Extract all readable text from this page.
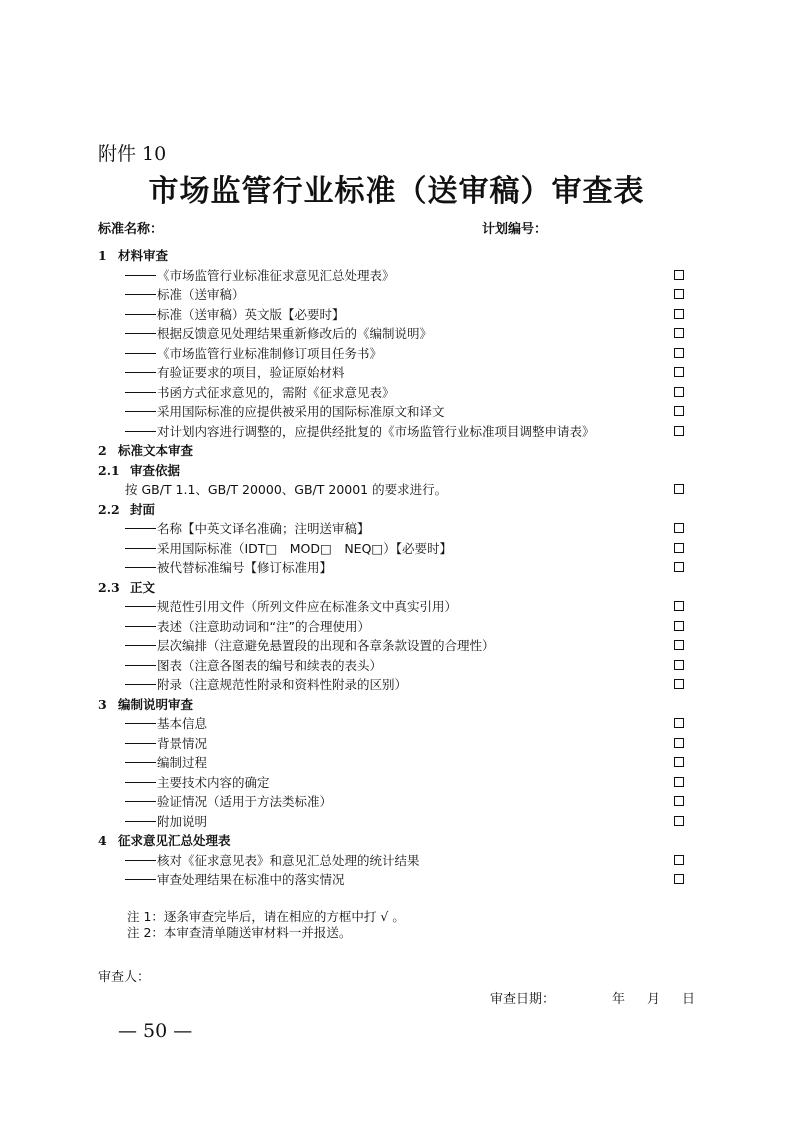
附件 10
市场监管行业标准（送审稿）审查表
标准名称：	计划编号：
1 材料审查
《市场监管行业标准征求意见汇总处理表》
标准（送审稿）
标准（送审稿）英文版【必要时】
根据反馈意见处理结果重新修改后的《编制说明》
《市场监管行业标准制修订项目任务书》
有验证要求的项目，验证原始材料
书函方式征求意见的，需附《征求意见表》
采用国际标准的应提供被采用的国际标准原文和译文
对计划内容进行调整的，应提供经批复的《市场监管行业标准项目调整申请表》
2 标准文本审查
2.1 审查依据
按 GB/T 1.1、GB/T 20000、GB/T 20001 的要求进行。
2.2 封面
名称【中英文译名准确；注明送审稿】
采用国际标准（IDT□　MOD□　NEQ□）【必要时】
被代替标准编号【修订标准用】
2.3 正文
规范性引用文件（所列文件应在标准条文中真实引用）
表述（注意助动词和“注”的合理使用）
层次编排（注意避免悬置段的出现和各章条款设置的合理性）
图表（注意各图表的编号和续表的表头）
附录（注意规范性附录和资料性附录的区别）
3 编制说明审查
基本信息
背景情况
编制过程
主要技术内容的确定
验证情况（适用于方法类标准）
附加说明
4 征求意见汇总处理表
核对《征求意见表》和意见汇总处理的统计结果
审查处理结果在标准中的落实情况
注 1：逐条审查完毕后，请在相应的方框中打 √ 。
注 2：本审查清单随送审材料一并报送。
审查人：
审查日期：	年 月 日
— 50 —
